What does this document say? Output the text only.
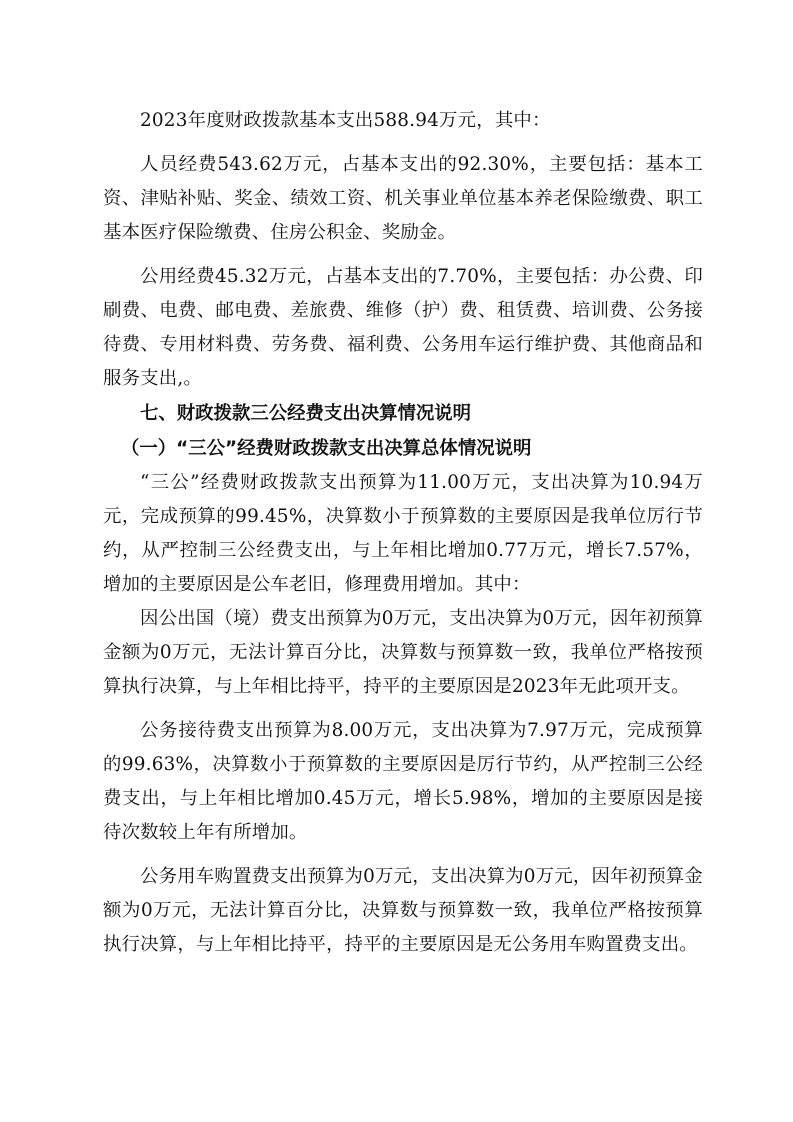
2023年度财政拨款基本支出588.94万元，其中：

人员经费543.62万元，占基本支出的92.30%，主要包括：基本工资、津贴补贴、奖金、绩效工资、机关事业单位基本养老保险缴费、职工基本医疗保险缴费、住房公积金、奖励金。

公用经费45.32万元，占基本支出的7.70%，主要包括：办公费、印刷费、电费、邮电费、差旅费、维修（护）费、租赁费、培训费、公务接待费、专用材料费、劳务费、福利费、公务用车运行维护费、其他商品和服务支出,。

七、财政拨款三公经费支出决算情况说明

（一）“三公”经费财政拨款支出决算总体情况说明

“三公”经费财政拨款支出预算为11.00万元，支出决算为10.94万元，完成预算的99.45%，决算数小于预算数的主要原因是我单位厉行节约，从严控制三公经费支出，与上年相比增加0.77万元，增长7.57%，增加的主要原因是公车老旧，修理费用增加。其中：

因公出国（境）费支出预算为0万元，支出决算为0万元，因年初预算金额为0万元，无法计算百分比，决算数与预算数一致，我单位严格按预算执行决算，与上年相比持平，持平的主要原因是2023年无此项开支。

公务接待费支出预算为8.00万元，支出决算为7.97万元，完成预算的99.63%，决算数小于预算数的主要原因是厉行节约，从严控制三公经费支出，与上年相比增加0.45万元，增长5.98%，增加的主要原因是接待次数较上年有所增加。

公务用车购置费支出预算为0万元，支出决算为0万元，因年初预算金额为0万元，无法计算百分比，决算数与预算数一致，我单位严格按预算执行决算，与上年相比持平，持平的主要原因是无公务用车购置费支出。
